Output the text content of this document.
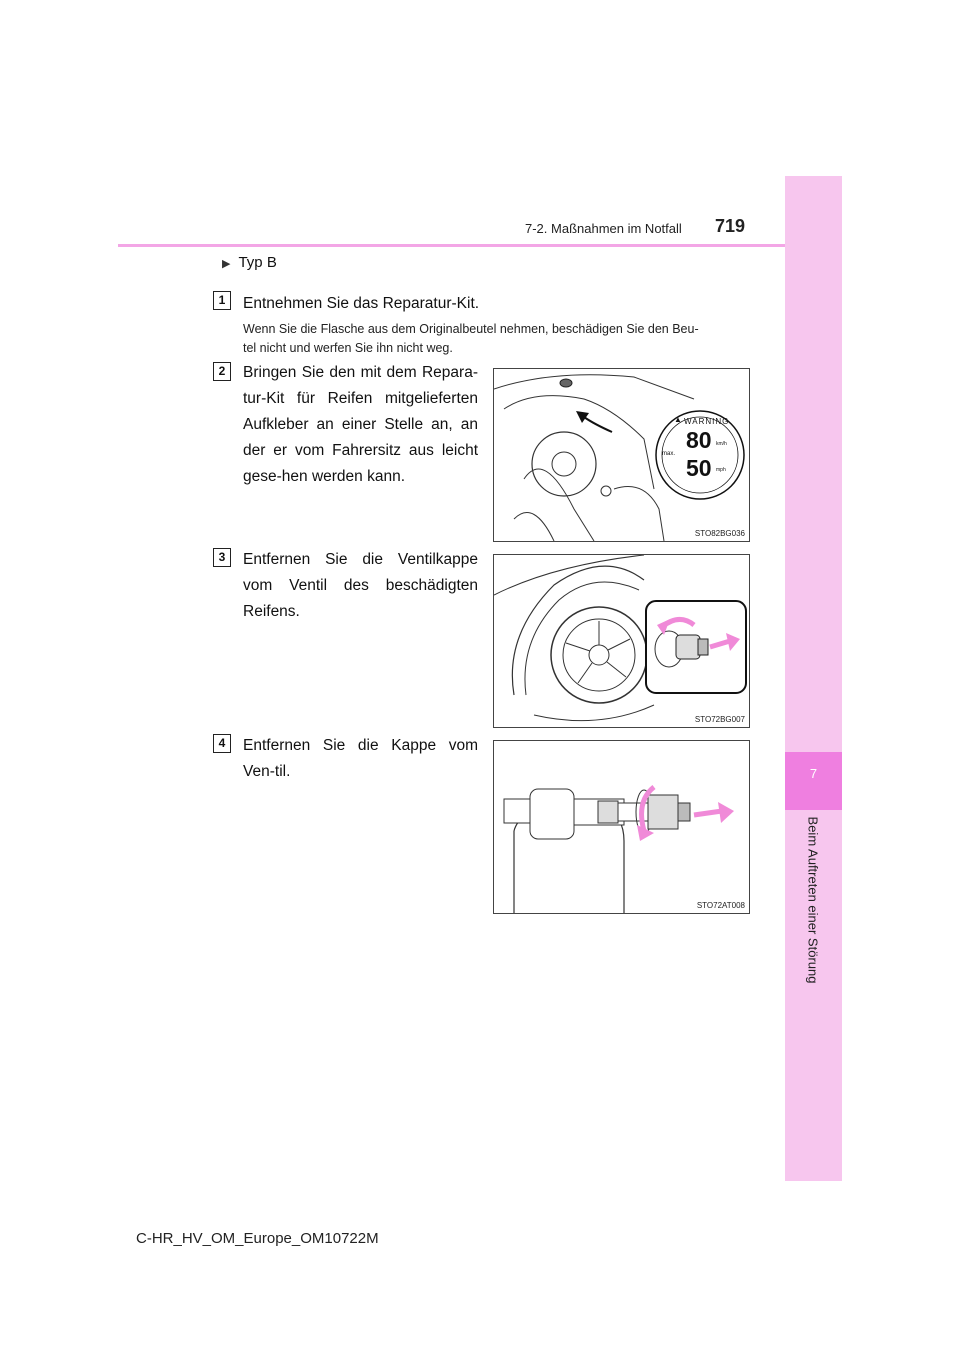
7
Beim Auftreten einer Störung
7-2. Maßnahmen im Notfall 719
▶ Typ B
1	Entnehmen Sie das Reparatur-Kit.
Wenn Sie die Flasche aus dem Originalbeutel nehmen, beschädigen Sie den Beu-
tel nicht und werfen Sie ihn nicht weg.
2	Bringen Sie den mit dem Repara-tur-Kit für Reifen mitgelieferten Aufkleber an einer Stelle an, an der er vom Fahrersitz aus leicht gese-hen werden kann.
WARNING
▲
max.
80
50
km/h
mph
STO82BG036
3	Entfernen Sie die Ventilkappe vom Ventil des beschädigten Reifens.
STO72BG007
4	Entfernen Sie die Kappe vom Ven-til.
STO72AT008
C-HR_HV_OM_Europe_OM10722M
